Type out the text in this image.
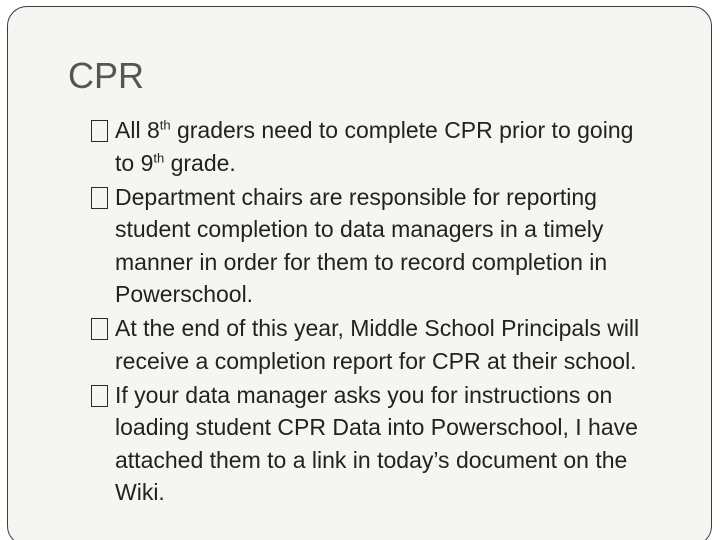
CPR
All 8th graders need to complete CPR prior to going to 9th grade.
Department chairs are responsible for reporting student completion to data managers in a timely manner in order for them to record completion in Powerschool.
At the end of this year, Middle School Principals will receive a completion report for CPR at their school.
If your data manager asks you for instructions on loading student CPR Data into Powerschool, I have attached them to a link in today’s document on the Wiki.
